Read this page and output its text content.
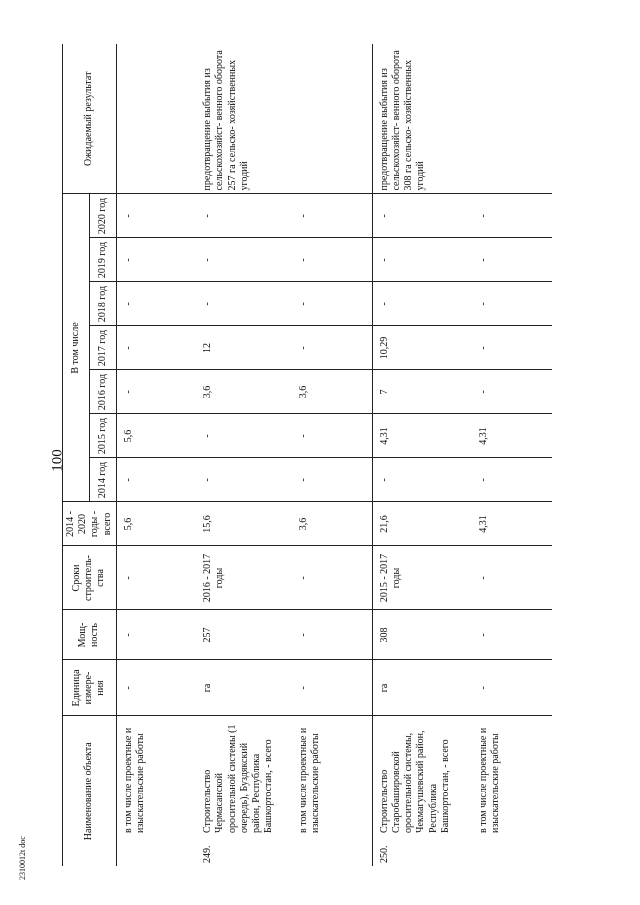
100
2310012t doc
Наименование объекта		Единица измере- ния	Мощ- ность	Сроки строитель- ства	2014 - 2020 годы - всего	В том числе							Ожидаемый результат
						2014 год	2015 год	2016 год	2017 год	2018 год	2019 год	2020 год	
	в том числе проектные и изыскательские работы	-	-	-	5,6	-	5,6	-	-	-	-	-	
249.	Строительство Чермасанской оросительной системы (1 очередь), Буздякский район, Республика Башкортостан, - всего	га	257	2016 - 2017 годы	15,6	-	-	3,6	12	-	-	-	предотвращение выбытия из сельскохозяйст- венного оборота 257 га сельско- хозяйственных угодий
	в том числе проектные и изыскательские работы	-	-	-	3,6	-	-	3,6	-	-	-	-	
250.	Строительство Старобашировской оросительной системы, Чекмагушевский район, Республика Башкортостан, - всего	га	308	2015 - 2017 годы	21,6	-	4,31	7	10,29	-	-	-	предотвращение выбытия из сельскохозяйст- венного оборота 308 га сельско- хозяйственных угодий
	в том числе проектные и изыскательские работы	-	-	-	4,31	-	4,31	-	-	-	-	-	
